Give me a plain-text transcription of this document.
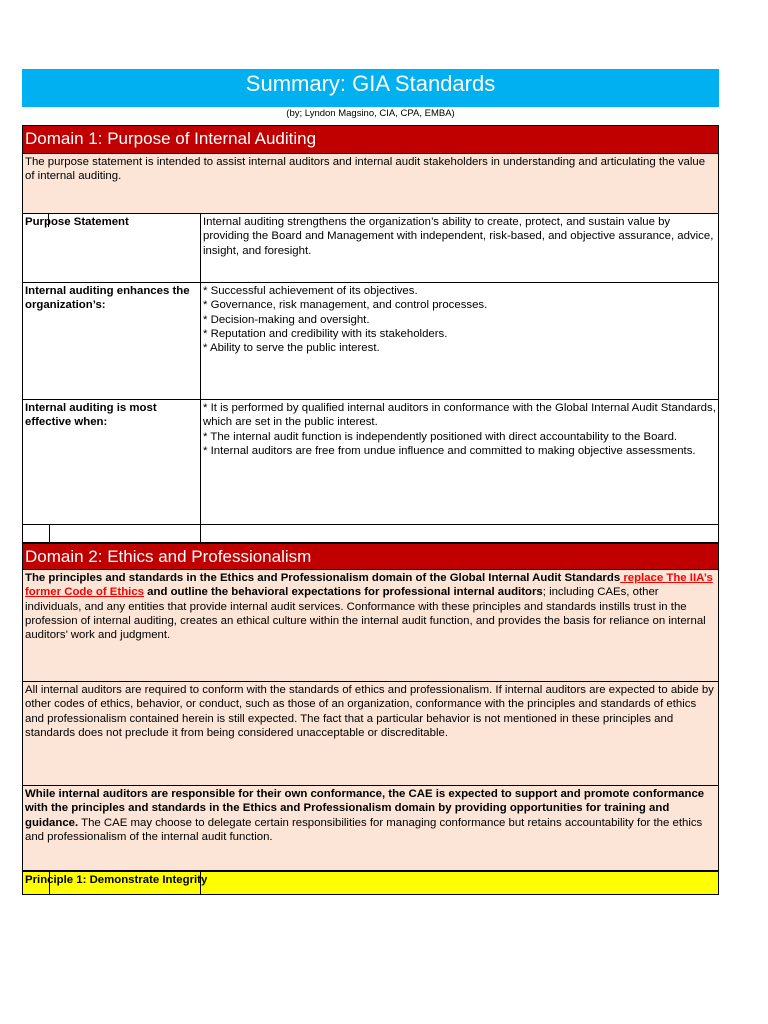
Summary: GIA Standards
(by; Lyndon Magsino, CIA, CPA, EMBA)
Domain 1: Purpose of Internal Auditing

The purpose statement is intended to assist internal auditors and internal audit stakeholders in understanding and articulating the value of internal auditing.

Purpose Statement	Internal auditing strengthens the organization’s ability to create, protect, and sustain value by providing the Board and Management with independent, risk-based, and objective assurance, advice, insight, and foresight.

Internal auditing enhances the organization’s:

* Successful achievement of its objectives.

* Governance, risk management, and control processes.

* Decision-making and oversight.

* Reputation and credibility with its stakeholders.

* Ability to serve the public interest.

Internal auditing is most effective when:

* It is performed by qualified internal auditors in conformance with the Global Internal Audit Standards, which are set in the public interest.

* The internal audit function is independently positioned with direct accountability to the Board.

* Internal auditors are free from undue influence and committed to making objective assessments.

Domain 2: Ethics and Professionalism

The principles and standards in the Ethics and Professionalism domain of the Global Internal Audit Standards replace The IIA’s former Code of Ethics and outline the behavioral expectations for professional internal auditors; including CAEs, other individuals, and any entities that provide internal audit services. Conformance with these principles and standards instills trust in the profession of internal auditing, creates an ethical culture within the internal audit function, and provides the basis for reliance on internal auditors’ work and judgment.

All internal auditors are required to conform with the standards of ethics and professionalism. If internal auditors are expected to abide by other codes of ethics, behavior, or conduct, such as those of an organization, conformance with the principles and standards of ethics and professionalism contained herein is still expected. The fact that a particular behavior is not mentioned in these principles and standards does not preclude it from being considered unacceptable or discreditable.

While internal auditors are responsible for their own conformance, the CAE is expected to support and promote conformance with the principles and standards in the Ethics and Professionalism domain by providing opportunities for training and guidance. The CAE may choose to delegate certain responsibilities for managing conformance but retains accountability for the ethics and professionalism of the internal audit function.

Principle 1: Demonstrate Integrity
